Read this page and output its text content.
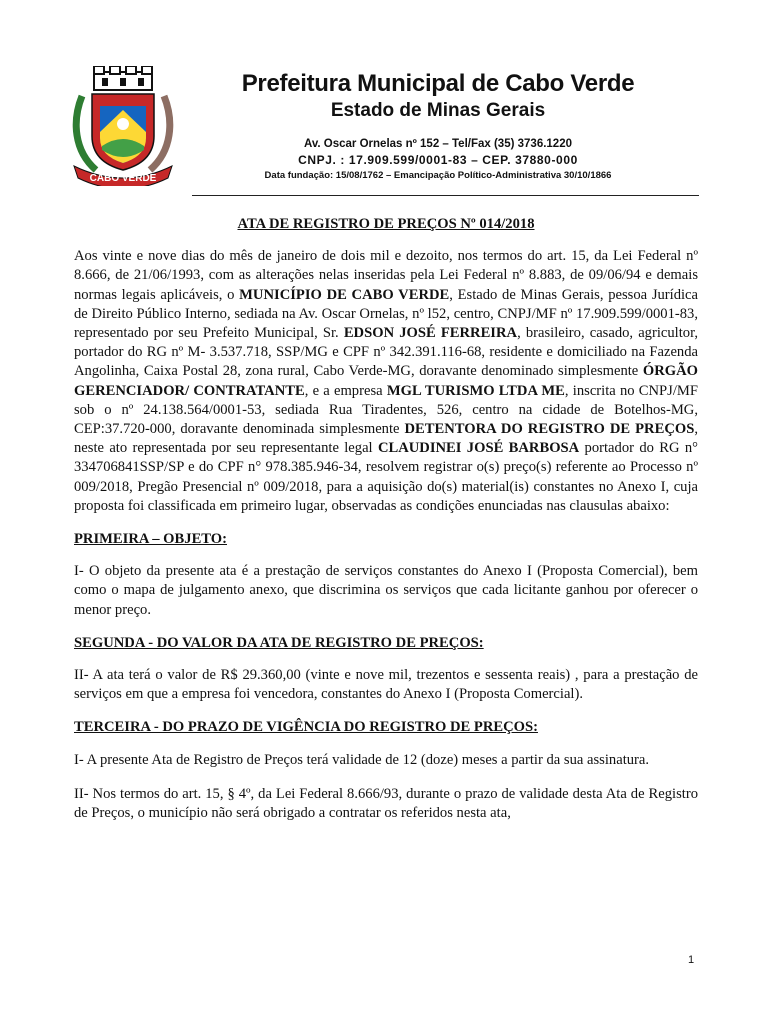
CABO VERDE
Prefeitura Municipal de Cabo Verde
Estado de Minas Gerais
Av. Oscar Ornelas nº 152 – Tel/Fax (35) 3736.1220
CNPJ. : 17.909.599/0001-83 – CEP. 37880-000
Data fundação: 15/08/1762 – Emancipação Político-Administrativa 30/10/1866

ATA DE REGISTRO DE PREÇOS Nº 014/2018

Aos vinte e nove dias do mês de janeiro de dois mil e dezoito, nos termos do art. 15, da Lei Federal nº 8.666, de 21/06/1993, com as alterações nelas inseridas pela Lei Federal nº 8.883, de 09/06/94 e demais normas legais aplicáveis, o MUNICÍPIO DE CABO VERDE, Estado de Minas Gerais, pessoa Jurídica de Direito Público Interno, sediada na Av. Oscar Ornelas, nº l52, centro, CNPJ/MF nº 17.909.599/0001-83, representado por seu Prefeito Municipal, Sr. EDSON JOSÉ FERREIRA, brasileiro, casado, agricultor, portador do RG nº M- 3.537.718, SSP/MG e CPF nº 342.391.116-68, residente e domiciliado na Fazenda Angolinha, Caixa Postal 28, zona rural, Cabo Verde-MG, doravante denominado simplesmente ÓRGÃO GERENCIADOR/ CONTRATANTE, e a empresa MGL TURISMO LTDA ME, inscrita no CNPJ/MF sob o nº 24.138.564/0001-53, sediada Rua Tiradentes, 526, centro na cidade de Botelhos-MG, CEP:37.720-000, doravante denominada simplesmente DETENTORA DO REGISTRO DE PREÇOS, neste ato representada por seu representante legal CLAUDINEI JOSÉ BARBOSA portador do RG n° 334706841SSP/SP e do CPF n° 978.385.946-34, resolvem registrar o(s) preço(s) referente ao Processo nº 009/2018, Pregão Presencial nº 009/2018, para a aquisição do(s) material(is) constantes no Anexo I, cuja proposta foi classificada em primeiro lugar, observadas as condições enunciadas nas clausulas abaixo:

PRIMEIRA – OBJETO:

I- O objeto da presente ata é a prestação de serviços constantes do Anexo I (Proposta Comercial), bem como o mapa de julgamento anexo, que discrimina os serviços que cada licitante ganhou por oferecer o menor preço.

SEGUNDA - DO VALOR DA ATA DE REGISTRO DE PREÇOS:

II- A ata terá o valor de R$ 29.360,00 (vinte e nove mil, trezentos e sessenta reais) , para a prestação de serviços em que a empresa foi vencedora, constantes do Anexo I (Proposta Comercial).

TERCEIRA - DO PRAZO DE VIGÊNCIA DO REGISTRO DE PREÇOS:

I- A presente Ata de Registro de Preços terá validade de 12 (doze) meses a partir da sua assinatura.

II- Nos termos do art. 15, § 4º, da Lei Federal 8.666/93, durante o prazo de validade desta Ata de Registro de Preços, o município não será obrigado a contratar os referidos nesta ata,

1
